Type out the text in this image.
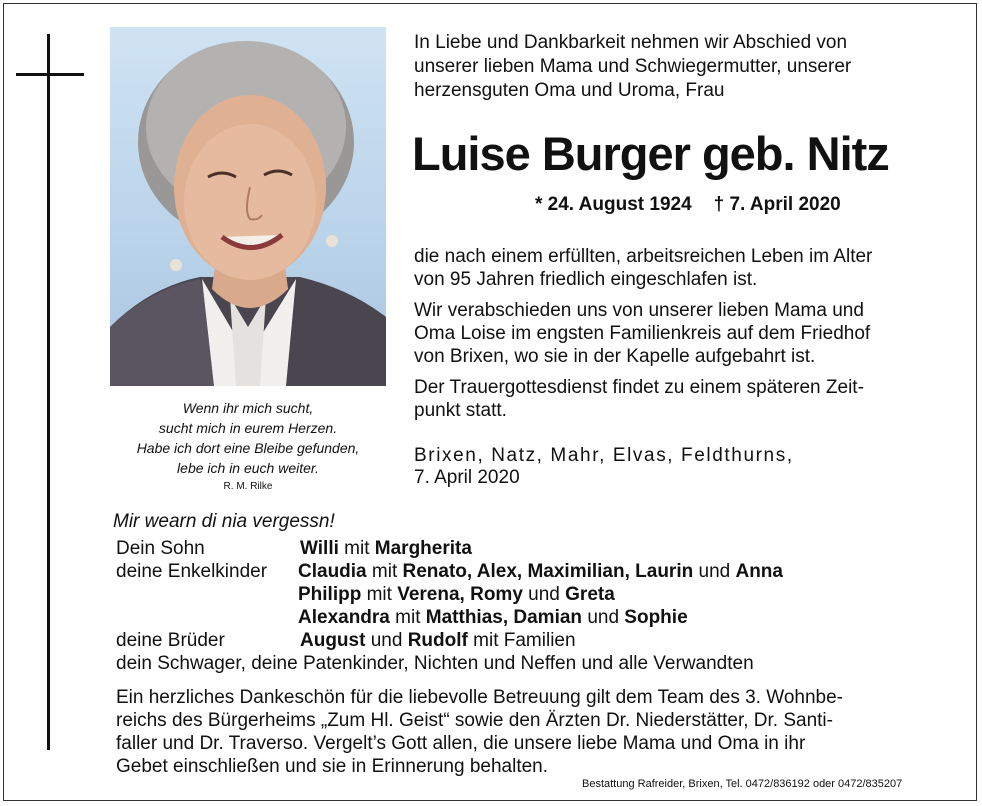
Wenn ihr mich sucht,
sucht mich in eurem Herzen.
Habe ich dort eine Bleibe gefunden,
lebe ich in euch weiter.
R. M. Rilke
In Liebe und Dankbarkeit nehmen wir Abschied von
unserer lieben Mama und Schwiegermutter, unserer
herzensguten Oma und Uroma, Frau
Luise Burger geb. Nitz
* 24. August 1924 † 7. April 2020
die nach einem erfüllten, arbeitsreichen Leben im Alter
von 95 Jahren friedlich eingeschlafen ist.
Wir verabschieden uns von unserer lieben Mama und
Oma Loise im engsten Familienkreis auf dem Friedhof
von Brixen, wo sie in der Kapelle aufgebahrt ist.
Der Trauergottesdienst findet zu einem späteren Zeit-
punkt statt.
Brixen, Natz, Mahr, Elvas, Feldthurns,
7. April 2020
Mir wearn di nia vergessn!
Dein Sohn	Willi mit Margherita
deine Enkelkinder Claudia mit Renato, Alex, Maximilian, Laurin und Anna
Philipp mit Verena, Romy und Greta
Alexandra mit Matthias, Damian und Sophie
deine Brüder	August und Rudolf mit Familien
dein Schwager, deine Patenkinder, Nichten und Neffen und alle Verwandten
Ein herzliches Dankeschön für die liebevolle Betreuung gilt dem Team des 3. Wohnbe-
reichs des Bürgerheims „Zum Hl. Geist“ sowie den Ärzten Dr. Niederstätter, Dr. Santi-
faller und Dr. Traverso. Vergelt’s Gott allen, die unsere liebe Mama und Oma in ihr
Gebet einschließen und sie in Erinnerung behalten.
Bestattung Rafreider, Brixen, Tel. 0472/836192 oder 0472/835207
